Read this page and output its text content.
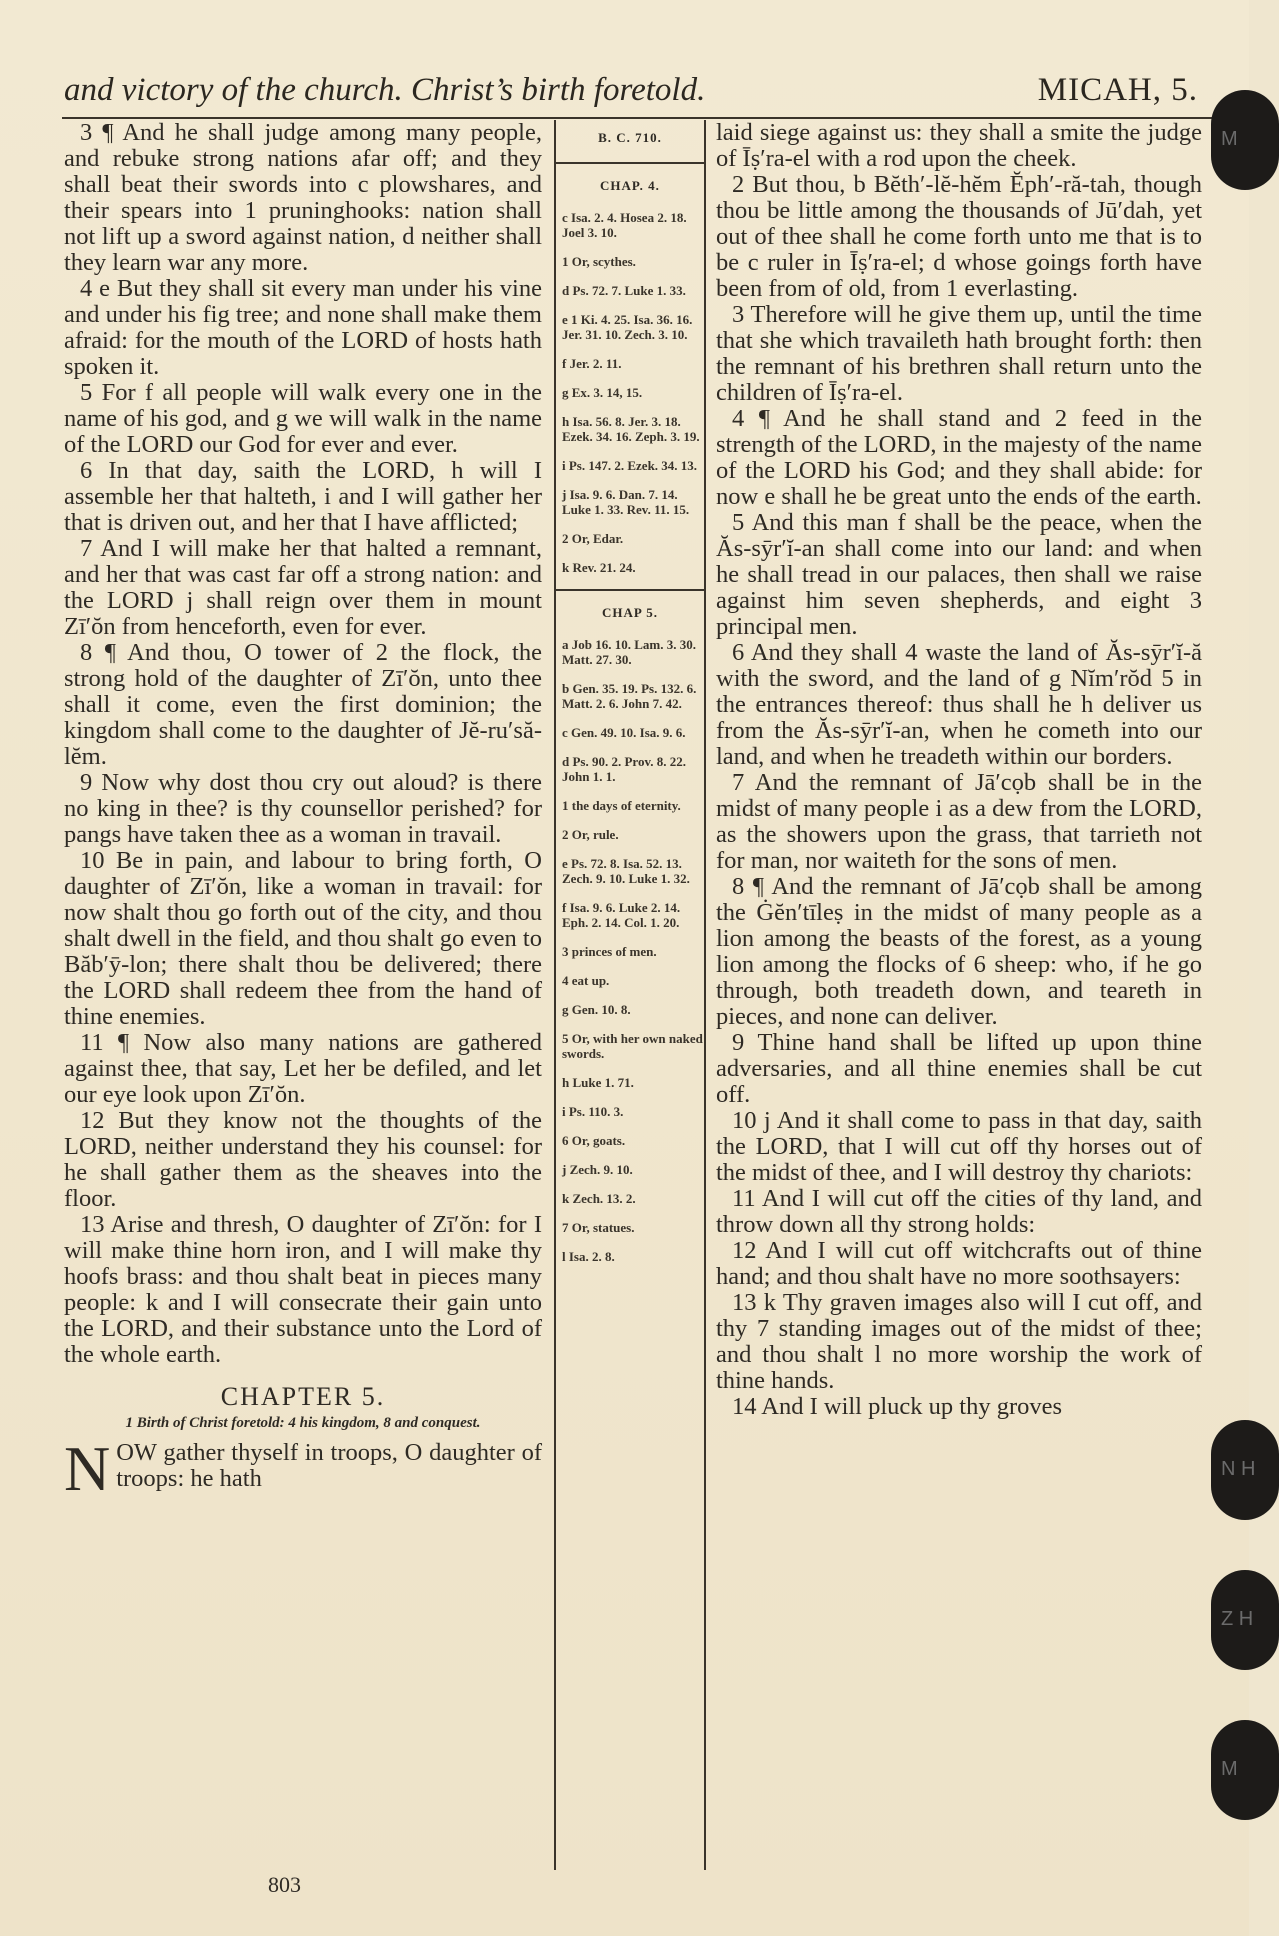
and victory of the church. Christ’s birth foretold.	MICAH, 5.

3 ¶ And he shall judge among many people, and rebuke strong nations afar off; and they shall beat their swords into c plowshares, and their spears into 1 pruninghooks: nation shall not lift up a sword against nation, d neither shall they learn war any more.

4 e But they shall sit every man under his vine and under his fig tree; and none shall make them afraid: for the mouth of the LORD of hosts hath spoken it.

5 For f all people will walk every one in the name of his god, and g we will walk in the name of the LORD our God for ever and ever.

6 In that day, saith the LORD, h will I assemble her that halteth, i and I will gather her that is driven out, and her that I have afflicted;

7 And I will make her that halted a remnant, and her that was cast far off a strong nation: and the LORD j shall reign over them in mount Zī′ŏn from henceforth, even for ever.

8 ¶ And thou, O tower of 2 the flock, the strong hold of the daughter of Zī′ŏn, unto thee shall it come, even the first dominion; the kingdom shall come to the daughter of Jĕ-ru′să-lĕm.

9 Now why dost thou cry out aloud? is there no king in thee? is thy counsellor perished? for pangs have taken thee as a woman in travail.

10 Be in pain, and labour to bring forth, O daughter of Zī′ŏn, like a woman in travail: for now shalt thou go forth out of the city, and thou shalt dwell in the field, and thou shalt go even to Băb′ȳ-lon; there shalt thou be delivered; there the LORD shall redeem thee from the hand of thine enemies.

11 ¶ Now also many nations are gathered against thee, that say, Let her be defiled, and let our eye look upon Zī′ŏn.

12 But they know not the thoughts of the LORD, neither understand they his counsel: for he shall gather them as the sheaves into the floor.

13 Arise and thresh, O daughter of Zī′ŏn: for I will make thine horn iron, and I will make thy hoofs brass: and thou shalt beat in pieces many people: k and I will consecrate their gain unto the LORD, and their substance unto the Lord of the whole earth.

CHAPTER 5.
1 Birth of Christ foretold: 4 his kingdom, 8 and conquest.
N OW gather thyself in troops, O daughter of troops: he hath
B. C. 710.
CHAP. 4.
c Isa. 2. 4. Hosea 2. 18. Joel 3. 10.
1 Or, scythes.
d Ps. 72. 7. Luke 1. 33.
e 1 Ki. 4. 25. Isa. 36. 16. Jer. 31. 10. Zech. 3. 10.
f Jer. 2. 11.
g Ex. 3. 14, 15.
h Isa. 56. 8. Jer. 3. 18. Ezek. 34. 16. Zeph. 3. 19.
i Ps. 147. 2. Ezek. 34. 13.
j Isa. 9. 6. Dan. 7. 14. Luke 1. 33. Rev. 11. 15.
2 Or, Edar.
k Rev. 21. 24.
CHAP 5.
a Job 16. 10. Lam. 3. 30. Matt. 27. 30.
b Gen. 35. 19. Ps. 132. 6. Matt. 2. 6. John 7. 42.
c Gen. 49. 10. Isa. 9. 6.
d Ps. 90. 2. Prov. 8. 22. John 1. 1.
1 the days of eternity.
2 Or, rule.
e Ps. 72. 8. Isa. 52. 13. Zech. 9. 10. Luke 1. 32.
f Isa. 9. 6. Luke 2. 14. Eph. 2. 14. Col. 1. 20.
3 princes of men.
4 eat up.
g Gen. 10. 8.
5 Or, with her own naked swords.
h Luke 1. 71.
i Ps. 110. 3.
6 Or, goats.
j Zech. 9. 10.
k Zech. 13. 2.
7 Or, statues.
l Isa. 2. 8.

laid siege against us: they shall a smite the judge of Īṣ′ra-el with a rod upon the cheek.

2 But thou, b Bĕth′-lĕ-hĕm Ĕph′-ră-tah, though thou be little among the thousands of Jū′dah, yet out of thee shall he come forth unto me that is to be c ruler in Īṣ′ra-el; d whose goings forth have been from of old, from 1 everlasting.

3 Therefore will he give them up, until the time that she which travaileth hath brought forth: then the remnant of his brethren shall return unto the children of Īṣ′ra-el.

4 ¶ And he shall stand and 2 feed in the strength of the LORD, in the majesty of the name of the LORD his God; and they shall abide: for now e shall he be great unto the ends of the earth.

5 And this man f shall be the peace, when the Ăs-sӯr′ĭ-an shall come into our land: and when he shall tread in our palaces, then shall we raise against him seven shepherds, and eight 3 principal men.

6 And they shall 4 waste the land of Ăs-sӯr′ĭ-ă with the sword, and the land of g Nĭm′rŏd 5 in the entrances thereof: thus shall he h deliver us from the Ăs-sӯr′ĭ-an, when he cometh into our land, and when he treadeth within our borders.

7 And the remnant of Jā′cọb shall be in the midst of many people i as a dew from the LORD, as the showers upon the grass, that tarrieth not for man, nor waiteth for the sons of men.

8 ¶ And the remnant of Jā′cọb shall be among the Ġĕn′tīleṣ in the midst of many people as a lion among the beasts of the forest, as a young lion among the flocks of 6 sheep: who, if he go through, both treadeth down, and teareth in pieces, and none can deliver.

9 Thine hand shall be lifted up upon thine adversaries, and all thine enemies shall be cut off.

10 j And it shall come to pass in that day, saith the LORD, that I will cut off thy horses out of the midst of thee, and I will destroy thy chariots:

11 And I will cut off the cities of thy land, and throw down all thy strong holds:

12 And I will cut off witchcrafts out of thine hand; and thou shalt have no more soothsayers:

13 k Thy graven images also will I cut off, and thy 7 standing images out of the midst of thee; and thou shalt l no more worship the work of thine hands.

14 And I will pluck up thy groves

803
M
N H
Z H
M
